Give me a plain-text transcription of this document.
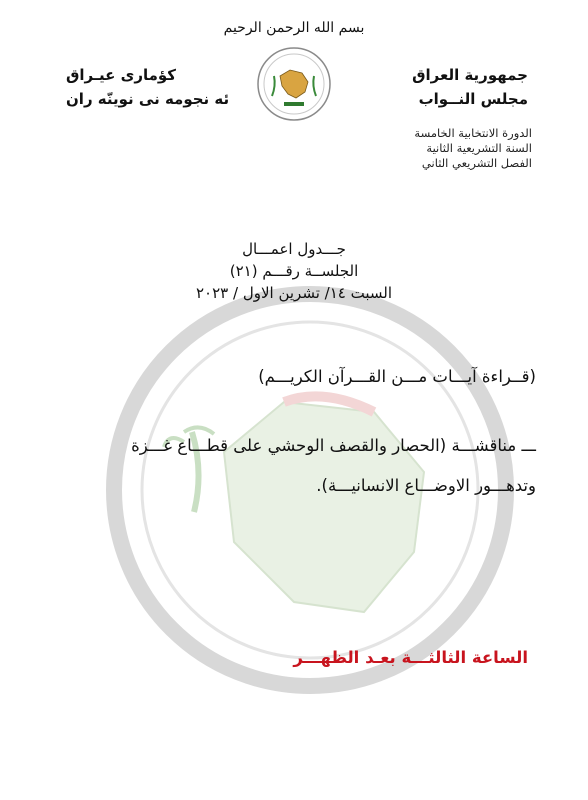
بسم الله الرحمن الرحيم
جمهورية العراق
مجلس النــواب
كؤمارى عيـراق
ئه نجومه نى نوينّه ران
الدورة الانتخابية الخامسة
السنة التشريعية الثانية
الفصل التشريعي الثاني
جـــدول اعمـــال
الجلســة رقـــم (٢١)
السبت ١٤/ تشرين الاول / ٢٠٢٣
(قــراءة آيـــات مـــن القـــرآن الكريـــم)
ـــ مناقشـــة (الحصار والقصف الوحشي على قطـــاع غـــزة
وتدهـــور الاوضـــاع الانسانيـــة).
الساعة الثالثـــة بعـد الظهـــر
